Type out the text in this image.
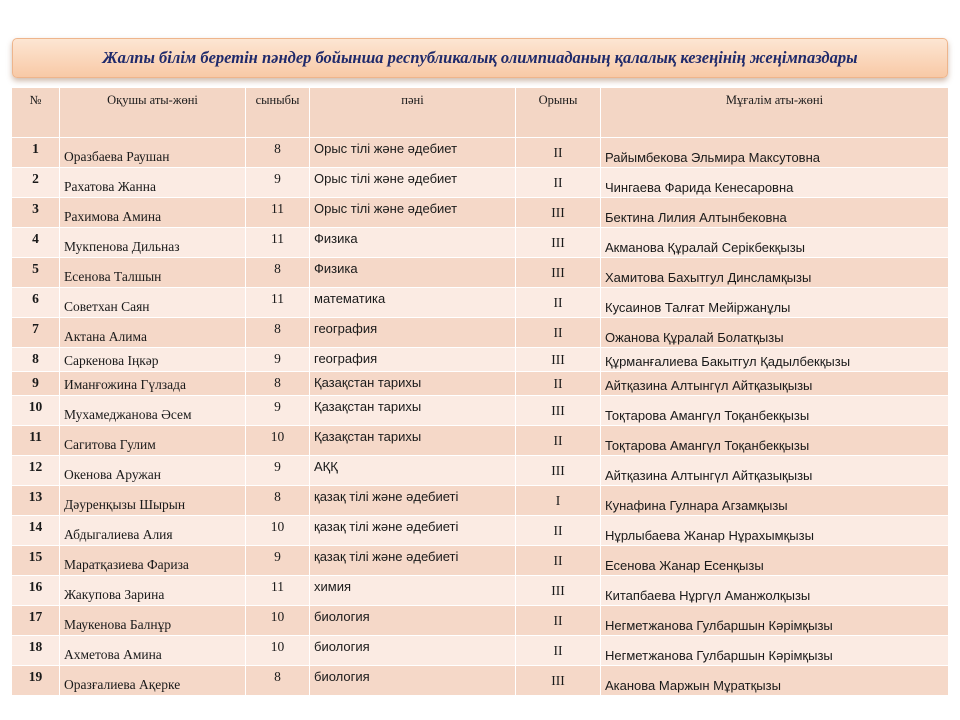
Жалпы білім беретін пәндер бойынша республикалық олимпиаданың қалалық кезеңінің жеңімпаздары
№	Оқушы аты-жөні	сыныбы	пәні	Орыны	Мұғалім аты-жөні
1	Оразбаева Раушан	8	Орыс тілі және әдебиет	II	Райымбекова Эльмира Максутовна
2	Рахатова Жанна	9	Орыс тілі және әдебиет	II	Чингаева Фарида Кенесаровна
3	Рахимова Амина	11	Орыс тілі және әдебиет	III	Бектина Лилия Алтынбековна
4	Мукпенова Дильназ	11	Физика	III	Акманова Құралай Серікбекқызы
5	Есенова Талшын	8	Физика	III	Хамитова Бахытгул Динсламқызы
6	Советхан Саян	11	математика	II	Кусаинов Талғат Мейіржанұлы
7	Актана Алима	8	география	II	Ожанова Құралай Болатқызы
8	Саркенова Іңкәр	9	география	III	Құрманғалиева Бакытгул Қадылбекқызы
9	Иманғожина Гүлзада	8	Қазақстан тарихы	II	Айтқазина Алтынгүл Айтқазықызы
10	Мухамеджанова Әсем	9	Қазақстан тарихы	III	Тоқтарова Амангүл Тоқанбекқызы
11	Сагитова Гулим	10	Қазақстан тарихы	II	Тоқтарова Амангүл Тоқанбекқызы
12	Окенова Аружан	9	АҚҚ	III	Айтқазина Алтынгүл Айтқазықызы
13	Дәуренқызы Шырын	8	қазақ тілі және әдебиеті	I	Кунафина Гулнара Агзамқызы
14	Абдыгалиева Алия	10	қазақ тілі және әдебиеті	II	Нұрлыбаева Жанар Нұрахымқызы
15	Маратқазиева Фариза	9	қазақ тілі және әдебиеті	II	Есенова Жанар Есенқызы
16	Жакупова Зарина	11	химия	III	Китапбаева Нұргүл Аманжолқызы
17	Маукенова Балнұр	10	биология	II	Негметжанова Гулбаршын Кәрімқызы
18	Ахметова Амина	10	биология	II	Негметжанова Гулбаршын Кәрімқызы
19	Оразғалиева Ақерке	8	биология	III	Аканова Маржын Мұратқызы
